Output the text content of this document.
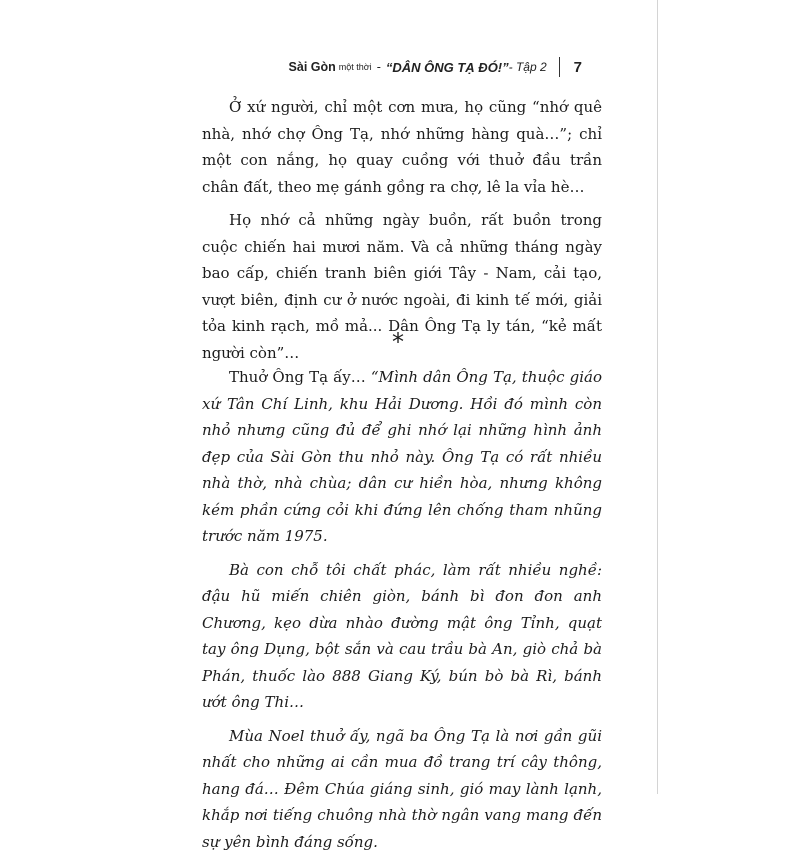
Sài Gòn một thời - “DÂN ÔNG TẠ ĐÓ!” - Tập 2 7

Ở xứ người, chỉ một cơn mưa, họ cũng “nhớ quê nhà, nhớ chợ Ông Tạ, nhớ những hàng quà…”; chỉ một con nắng, họ quay cuồng với thuở đầu trần chân đất, theo mẹ gánh gồng ra chợ, lê la vỉa hè…

Họ nhớ cả những ngày buồn, rất buồn trong cuộc chiến hai mươi năm. Và cả những tháng ngày bao cấp, chiến tranh biên giới Tây - Nam, cải tạo, vượt biên, định cư ở nước ngoài, đi kinh tế mới, giải tỏa kinh rạch, mồ mả... Dân Ông Tạ ly tán, “kẻ mất người còn”…	*

Thuở Ông Tạ ấy… “Mình dân Ông Tạ, thuộc giáo xứ Tân Chí Linh, khu Hải Dương. Hồi đó mình còn nhỏ nhưng cũng đủ để ghi nhớ lại những hình ảnh đẹp của Sài Gòn thu nhỏ này. Ông Tạ có rất nhiều nhà thờ, nhà chùa; dân cư hiền hòa, nhưng không kém phần cứng cỏi khi đứng lên chống tham nhũng trước năm 1975.

Bà con chỗ tôi chất phác, làm rất nhiều nghề: đậu hũ miến chiên giòn, bánh bì đon đon anh Chương, kẹo dừa nhào đường mật ông Tỉnh, quạt tay ông Dụng, bột sắn và cau trầu bà An, giò chả bà Phán, thuốc lào 888 Giang Ký, bún bò bà Rì, bánh ướt ông Thi…

Mùa Noel thuở ấy, ngã ba Ông Tạ là nơi gần gũi nhất cho những ai cần mua đồ trang trí cây thông, hang đá… Đêm Chúa giáng sinh, gió may lành lạnh, khắp nơi tiếng chuông nhà thờ ngân vang mang đến sự yên bình đáng sống.
